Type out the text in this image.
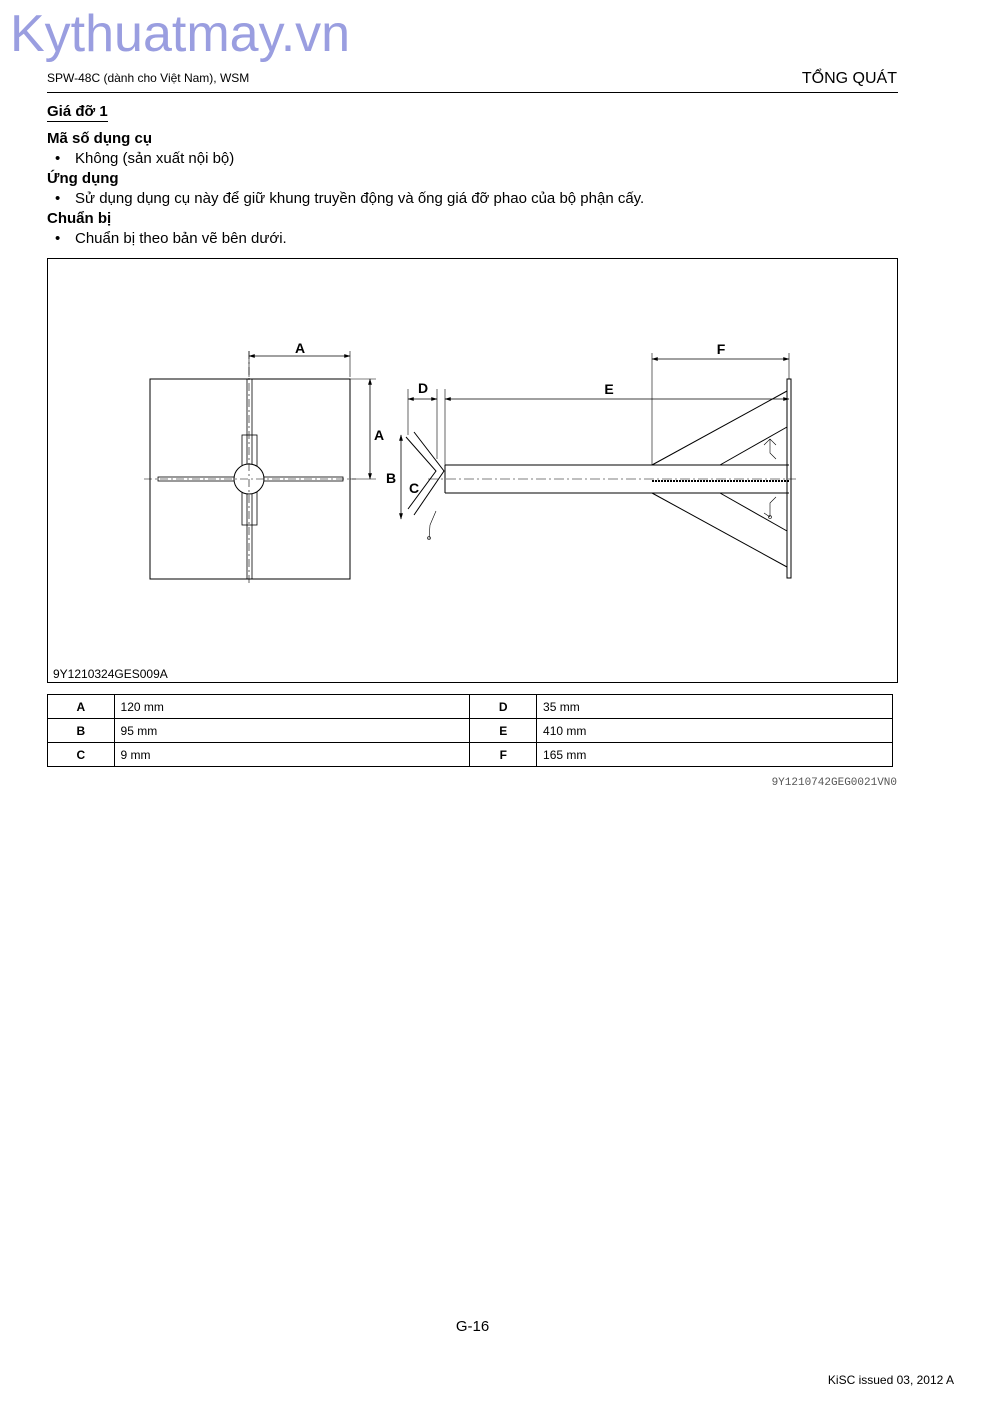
Kythuatmay.vn
SPW-48C (dành cho Việt Nam), WSM	TỔNG QUÁT
Giá đỡ 1
Mã số dụng cụ
• Không (sản xuất nội bộ)
Ứng dụng
• Sử dụng dụng cụ này để giữ khung truyền động và ống giá đỡ phao của bộ phận cấy.
Chuẩn bị
• Chuẩn bị theo bản vẽ bên dưới.
A
A
B
C
D	E
F
9Y1210324GES009A
A	120 mm	D	35 mm
B	95 mm	E	410 mm
C	9 mm	F	165 mm
9Y1210742GEG0021VN0
G-16
KiSC issued 03, 2012 A
